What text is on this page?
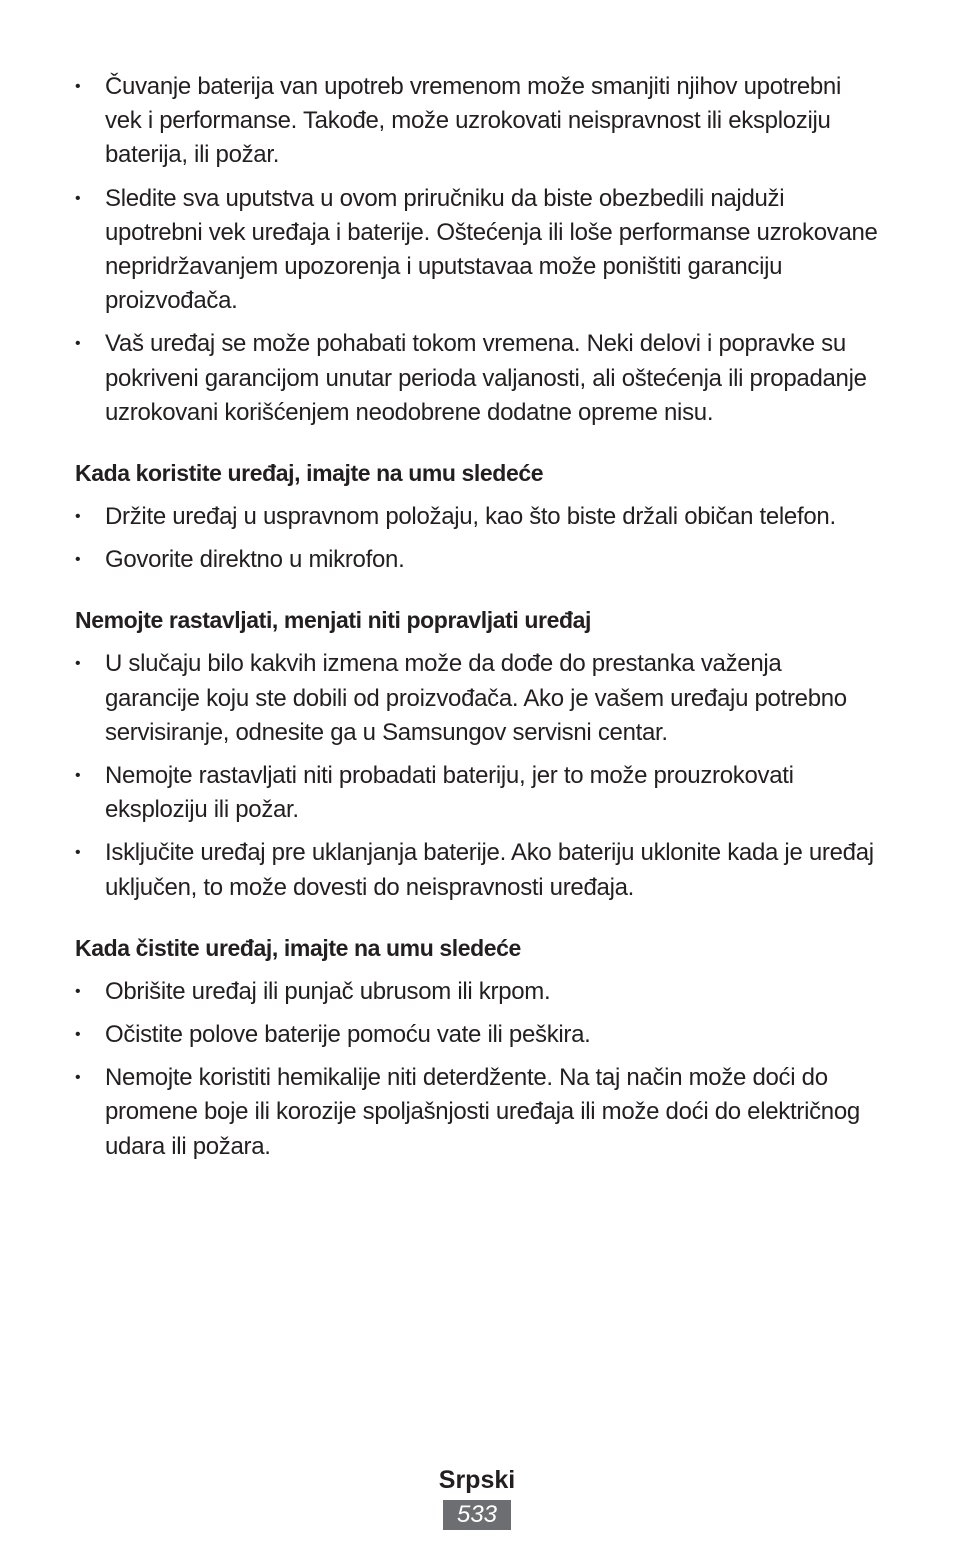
• Čuvanje baterija van upotreb vremenom može smanjiti njihov upotrebni vek i performanse. Takođe, može uzrokovati neispravnost ili eksploziju baterija, ili požar.
• Sledite sva uputstva u ovom priručniku da biste obezbedili najduži upotrebni vek uređaja i baterije. Oštećenja ili loše performanse uzrokovane nepridržavanjem upozorenja i uputstavaa može poništiti garanciju proizvođača.
• Vaš uređaj se može pohabati tokom vremena. Neki delovi i popravke su pokriveni garancijom unutar perioda valjanosti, ali oštećenja ili propadanje uzrokovani korišćenjem neodobrene dodatne opreme nisu.
Kada koristite uređaj, imajte na umu sledeće
• Držite uređaj u uspravnom položaju, kao što biste držali običan telefon.
• Govorite direktno u mikrofon.
Nemojte rastavljati, menjati niti popravljati uređaj
• U slučaju bilo kakvih izmena može da dođe do prestanka važenja garancije koju ste dobili od proizvođača. Ako je vašem uređaju potrebno servisiranje, odnesite ga u Samsungov servisni centar.
• Nemojte rastavljati niti probadati bateriju, jer to može prouzrokovati eksploziju ili požar.
• Isključite uređaj pre uklanjanja baterije. Ako bateriju uklonite kada je uređaj uključen, to može dovesti do neispravnosti uređaja.
Kada čistite uređaj, imajte na umu sledeće
• Obrišite uređaj ili punjač ubrusom ili krpom.
• Očistite polove baterije pomoću vate ili peškira.
• Nemojte koristiti hemikalije niti deterdžente. Na taj način može doći do promene boje ili korozije spoljašnjosti uređaja ili može doći do električnog udara ili požara.
Srpski
533
